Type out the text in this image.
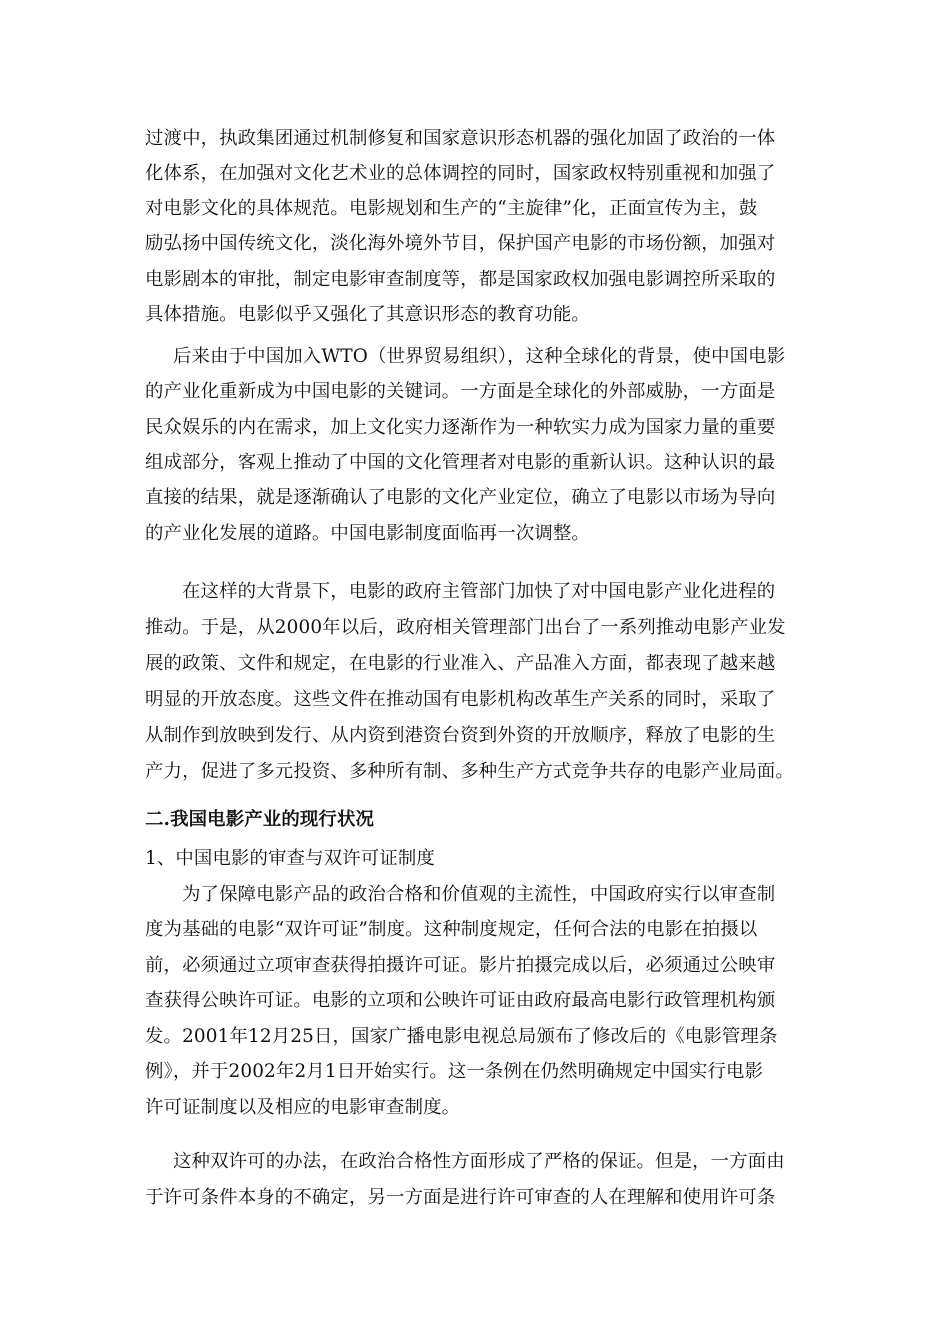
过渡中，执政集团通过机制修复和国家意识形态机器的强化加固了政治的一体
化体系，在加强对文化艺术业的总体调控的同时，国家政权特别重视和加强了
对电影文化的具体规范。电影规划和生产的“主旋律”化，正面宣传为主，鼓
励弘扬中国传统文化，淡化海外境外节目，保护国产电影的市场份额，加强对
电影剧本的审批，制定电影审查制度等，都是国家政权加强电影调控所采取的
具体措施。电影似乎又强化了其意识形态的教育功能。
后来由于中国加入WTO（世界贸易组织），这种全球化的背景，使中国电影
的产业化重新成为中国电影的关键词。一方面是全球化的外部威胁，一方面是
民众娱乐的内在需求，加上文化实力逐渐作为一种软实力成为国家力量的重要
组成部分，客观上推动了中国的文化管理者对电影的重新认识。这种认识的最
直接的结果，就是逐渐确认了电影的文化产业定位，确立了电影以市场为导向
的产业化发展的道路。中国电影制度面临再一次调整。
在这样的大背景下，电影的政府主管部门加快了对中国电影产业化进程的
推动。于是，从2000年以后，政府相关管理部门出台了一系列推动电影产业发
展的政策、文件和规定，在电影的行业准入、产品准入方面，都表现了越来越
明显的开放态度。这些文件在推动国有电影机构改革生产关系的同时，采取了
从制作到放映到发行、从内资到港资台资到外资的开放顺序，释放了电影的生
产力，促进了多元投资、多种所有制、多种生产方式竞争共存的电影产业局面。
二.我国电影产业的现行状况
1、中国电影的审查与双许可证制度
为了保障电影产品的政治合格和价值观的主流性，中国政府实行以审查制
度为基础的电影“双许可证”制度。这种制度规定，任何合法的电影在拍摄以
前，必须通过立项审查获得拍摄许可证。影片拍摄完成以后，必须通过公映审
查获得公映许可证。电影的立项和公映许可证由政府最高电影行政管理机构颁
发。2001年12月25日，国家广播电影电视总局颁布了修改后的《电影管理条
例》，并于2002年2月1日开始实行。这一条例在仍然明确规定中国实行电影
许可证制度以及相应的电影审查制度。
这种双许可的办法，在政治合格性方面形成了严格的保证。但是，一方面由
于许可条件本身的不确定，另一方面是进行许可审查的人在理解和使用许可条
